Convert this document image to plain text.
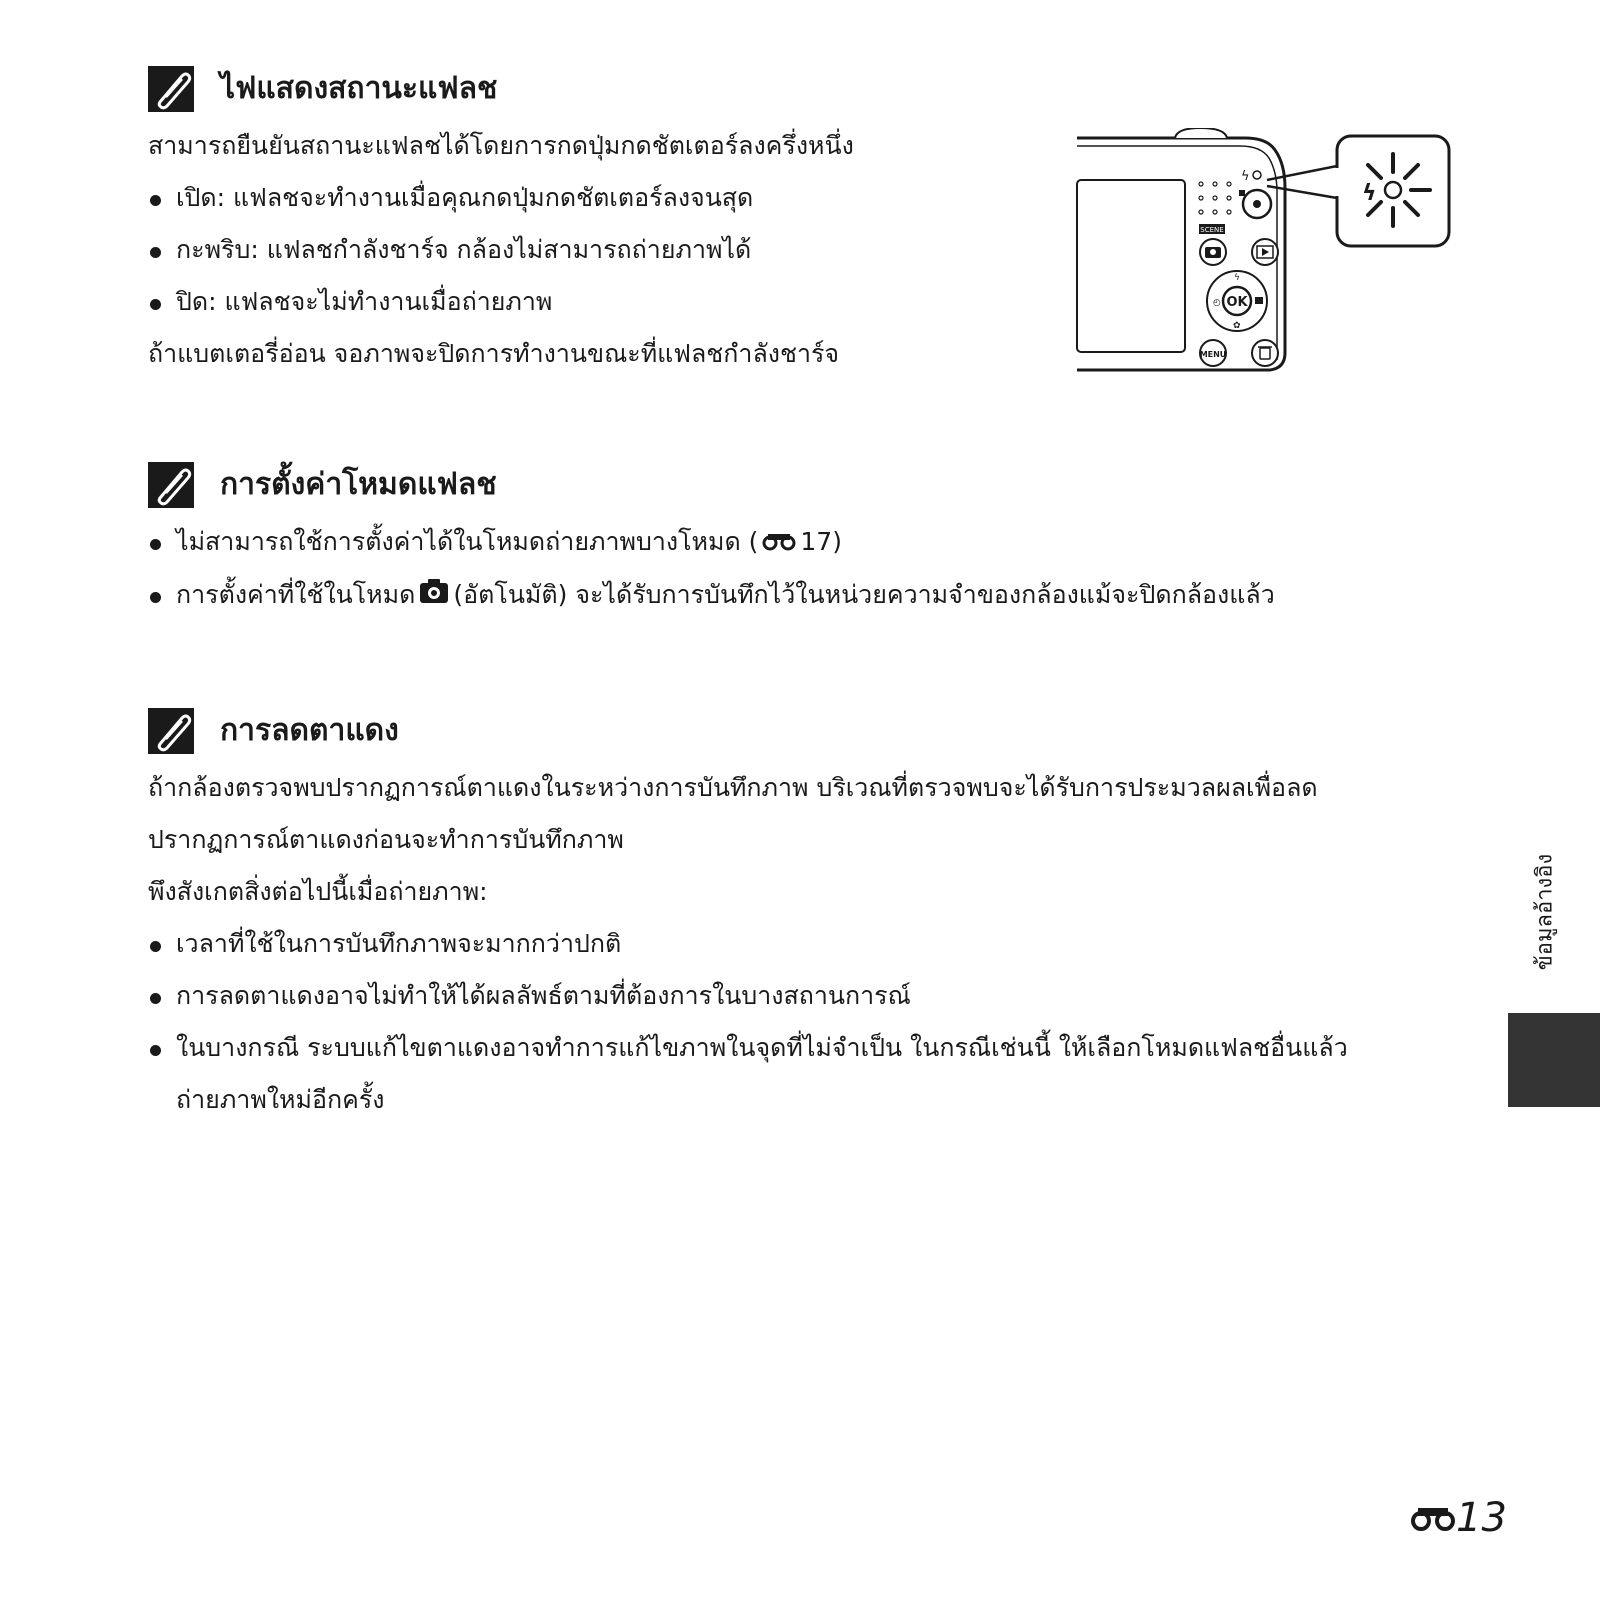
ไฟแสดงสถานะแฟลช
สามารถยืนยันสถานะแฟลชได้โดยการกดปุ่มกดชัตเตอร์ลงครึ่งหนึ่ง
เปิด: แฟลชจะทำงานเมื่อคุณกดปุ่มกดชัตเตอร์ลงจนสุด
กะพริบ: แฟลชกำลังชาร์จ กล้องไม่สามารถถ่ายภาพได้
ปิด: แฟลชจะไม่ทำงานเมื่อถ่ายภาพ
ถ้าแบตเตอรี่อ่อน จอภาพจะปิดการทำงานขณะที่แฟลชกำลังชาร์จ
ϟ
SCENE
OK
ϟ
◴
✿
MENU
ϟ
การตั้งค่าโหมดแฟลช
ไม่สามารถใช้การตั้งค่าได้ในโหมดถ่ายภาพบางโหมด ( 17)
การตั้งค่าที่ใช้ในโหมด (อัตโนมัติ) จะได้รับการบันทึกไว้ในหน่วยความจำของกล้องแม้จะปิดกล้องแล้ว
การลดตาแดง
ถ้ากล้องตรวจพบปรากฏการณ์ตาแดงในระหว่างการบันทึกภาพ บริเวณที่ตรวจพบจะได้รับการประมวลผลเพื่อลด
ปรากฏการณ์ตาแดงก่อนจะทำการบันทึกภาพ
พึงสังเกตสิ่งต่อไปนี้เมื่อถ่ายภาพ:
เวลาที่ใช้ในการบันทึกภาพจะมากกว่าปกติ
การลดตาแดงอาจไม่ทำให้ได้ผลลัพธ์ตามที่ต้องการในบางสถานการณ์
ในบางกรณี ระบบแก้ไขตาแดงอาจทำการแก้ไขภาพในจุดที่ไม่จำเป็น ในกรณีเช่นนี้ ให้เลือกโหมดแฟลชอื่นแล้ว
ถ่ายภาพใหม่อีกครั้ง
ข้อมูลอ้างอิง
13
